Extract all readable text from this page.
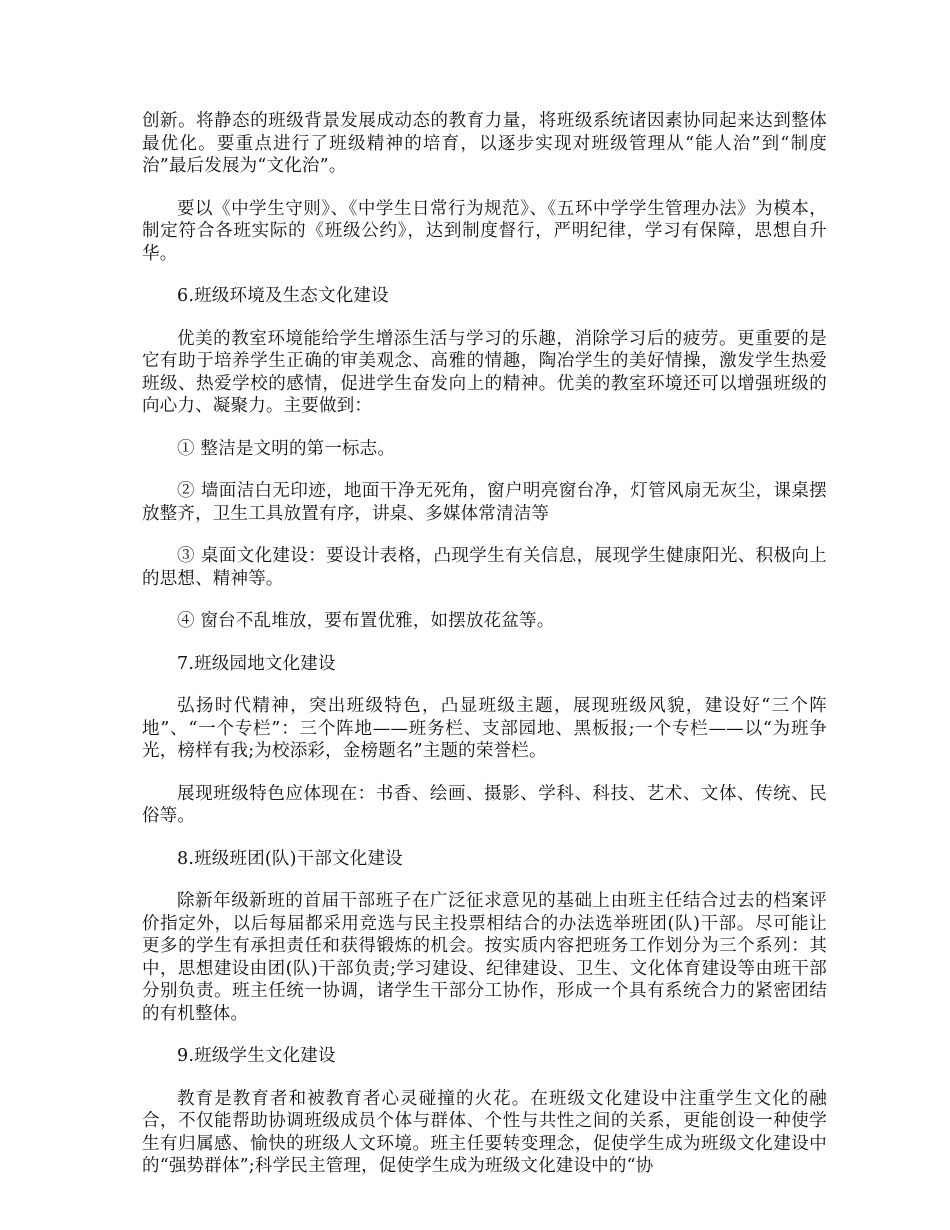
创新。将静态的班级背景发展成动态的教育力量，将班级系统诸因素协同起来达到整体最优化。要重点进行了班级精神的培育，以逐步实现对班级管理从“能人治”到“制度治”最后发展为“文化治”。

要以《中学生守则》、《中学生日常行为规范》、《五环中学学生管理办法》为模本，制定符合各班实际的《班级公约》，达到制度督行，严明纪律，学习有保障，思想自升华。

6.班级环境及生态文化建设

优美的教室环境能给学生增添生活与学习的乐趣，消除学习后的疲劳。更重要的是它有助于培养学生正确的审美观念、高雅的情趣，陶冶学生的美好情操，激发学生热爱班级、热爱学校的感情，促进学生奋发向上的精神。优美的教室环境还可以增强班级的向心力、凝聚力。主要做到：

① 整洁是文明的第一标志。

② 墙面洁白无印迹，地面干净无死角，窗户明亮窗台净，灯管风扇无灰尘，课桌摆放整齐，卫生工具放置有序，讲桌、多媒体常清洁等

③ 桌面文化建设：要设计表格，凸现学生有关信息，展现学生健康阳光、积极向上的思想、精神等。

④ 窗台不乱堆放，要布置优雅，如摆放花盆等。

7.班级园地文化建设

弘扬时代精神，突出班级特色，凸显班级主题，展现班级风貌，建设好“三个阵地”、“一个专栏”：三个阵地——班务栏、支部园地、黑板报;一个专栏——以“为班争光，榜样有我;为校添彩，金榜题名”主题的荣誉栏。

展现班级特色应体现在：书香、绘画、摄影、学科、科技、艺术、文体、传统、民俗等。

8.班级班团(队)干部文化建设

除新年级新班的首届干部班子在广泛征求意见的基础上由班主任结合过去的档案评价指定外，以后每届都采用竞选与民主投票相结合的办法选举班团(队)干部。尽可能让更多的学生有承担责任和获得锻炼的机会。按实质内容把班务工作划分为三个系列：其中，思想建设由团(队)干部负责;学习建设、纪律建设、卫生、文化体育建设等由班干部分别负责。班主任统一协调，诸学生干部分工协作，形成一个具有系统合力的紧密团结的有机整体。

9.班级学生文化建设

教育是教育者和被教育者心灵碰撞的火花。在班级文化建设中注重学生文化的融合，不仅能帮助协调班级成员个体与群体、个性与共性之间的关系，更能创设一种使学生有归属感、愉快的班级人文环境。班主任要转变理念，促使学生成为班级文化建设中的“强势群体”;科学民主管理，促使学生成为班级文化建设中的“协
